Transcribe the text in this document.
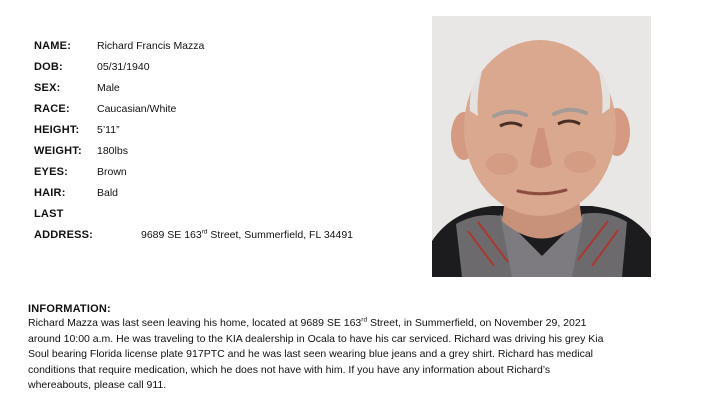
NAME: Richard Francis Mazza
DOB:	05/31/1940
SEX:	Male
RACE:	Caucasian/White
HEIGHT: 5’11”
WEIGHT: 180lbs
EYES:	Brown
HAIR:	Bald
LAST
ADDRESS:	9689 SE 163rd Street, Summerfield, FL 34491
INFORMATION:
Richard Mazza was last seen leaving his home, located at 9689 SE 163rd Street, in Summerfield, on November 29, 2021
around 10:00 a.m. He was traveling to the KIA dealership in Ocala to have his car serviced. Richard was driving his grey Kia
Soul bearing Florida license plate 917PTC and he was last seen wearing blue jeans and a grey shirt. Richard has medical
conditions that require medication, which he does not have with him. If you have any information about Richard’s
whereabouts, please call 911.
